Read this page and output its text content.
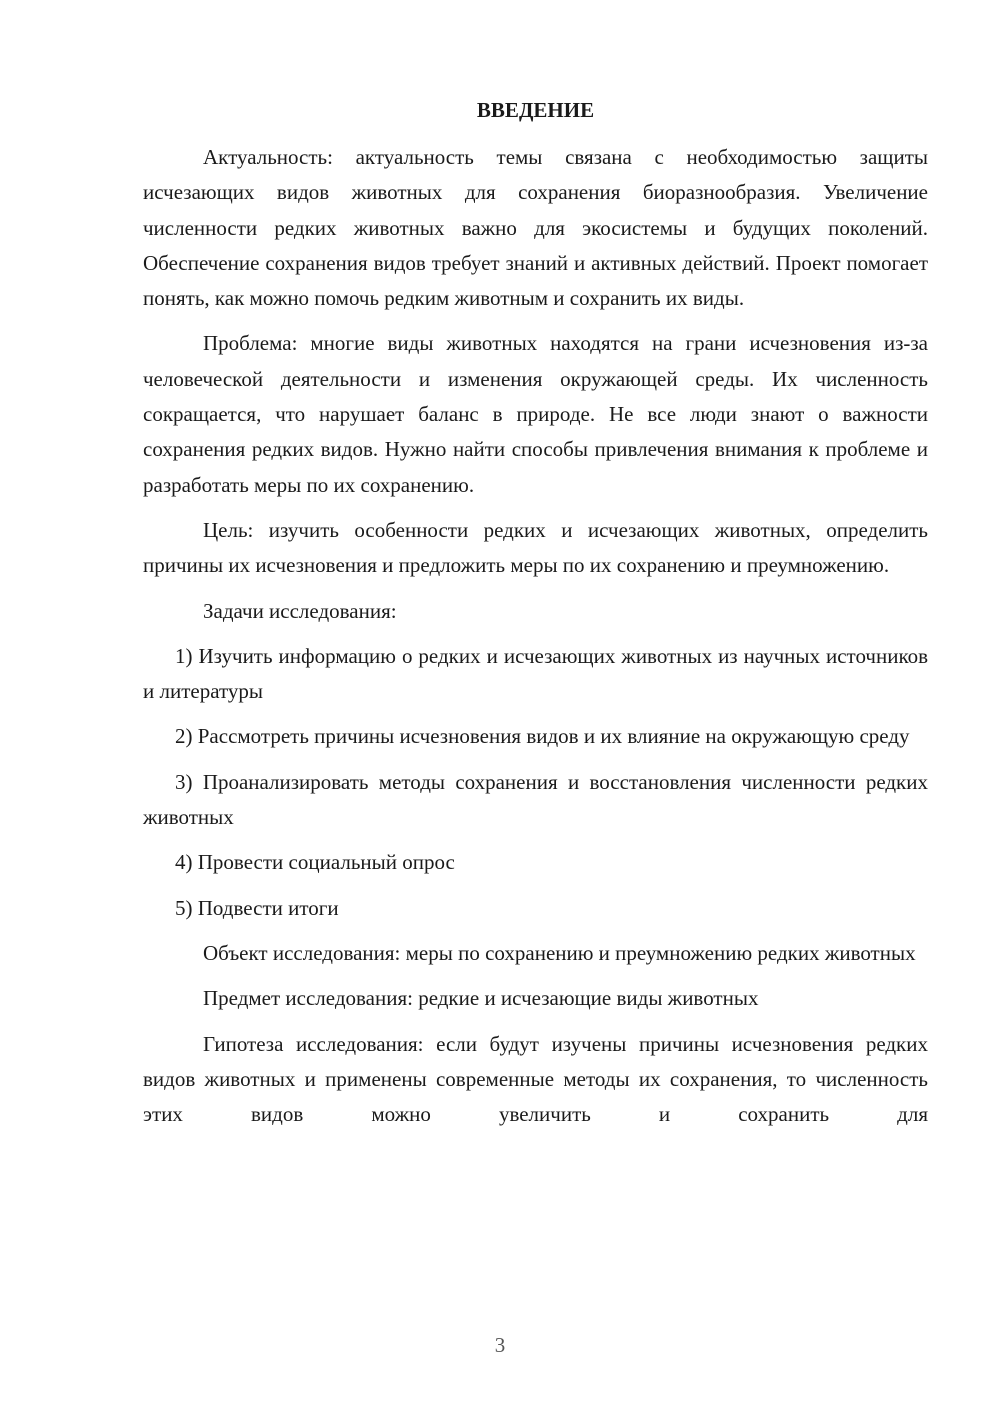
ВВЕДЕНИЕ

Актуальность: актуальность темы связана с необходимостью защиты исчезающих видов животных для сохранения биоразнообразия. Увеличение численности редких животных важно для экосистемы и будущих поколений. Обеспечение сохранения видов требует знаний и активных действий. Проект помогает понять, как можно помочь редким животным и сохранить их виды.

Проблема: многие виды животных находятся на грани исчезновения из-за человеческой деятельности и изменения окружающей среды. Их численность сокращается, что нарушает баланс в природе. Не все люди знают о важности сохранения редких видов. Нужно найти способы привлечения внимания к проблеме и разработать меры по их сохранению.

Цель: изучить особенности редких и исчезающих животных, определить причины их исчезновения и предложить меры по их сохранению и преумножению.

Задачи исследования:

1) Изучить информацию о редких и исчезающих животных из научных источников и литературы

2) Рассмотреть причины исчезновения видов и их влияние на окружающую среду

3) Проанализировать методы сохранения и восстановления численности редких животных

4) Провести социальный опрос

5) Подвести итоги

Объект исследования: меры по сохранению и преумножению редких животных

Предмет исследования: редкие и исчезающие виды животных

Гипотеза исследования: если будут изучены причины исчезновения редких видов животных и применены современные методы их сохранения, то численность этих видов можно увеличить и сохранить для

3
